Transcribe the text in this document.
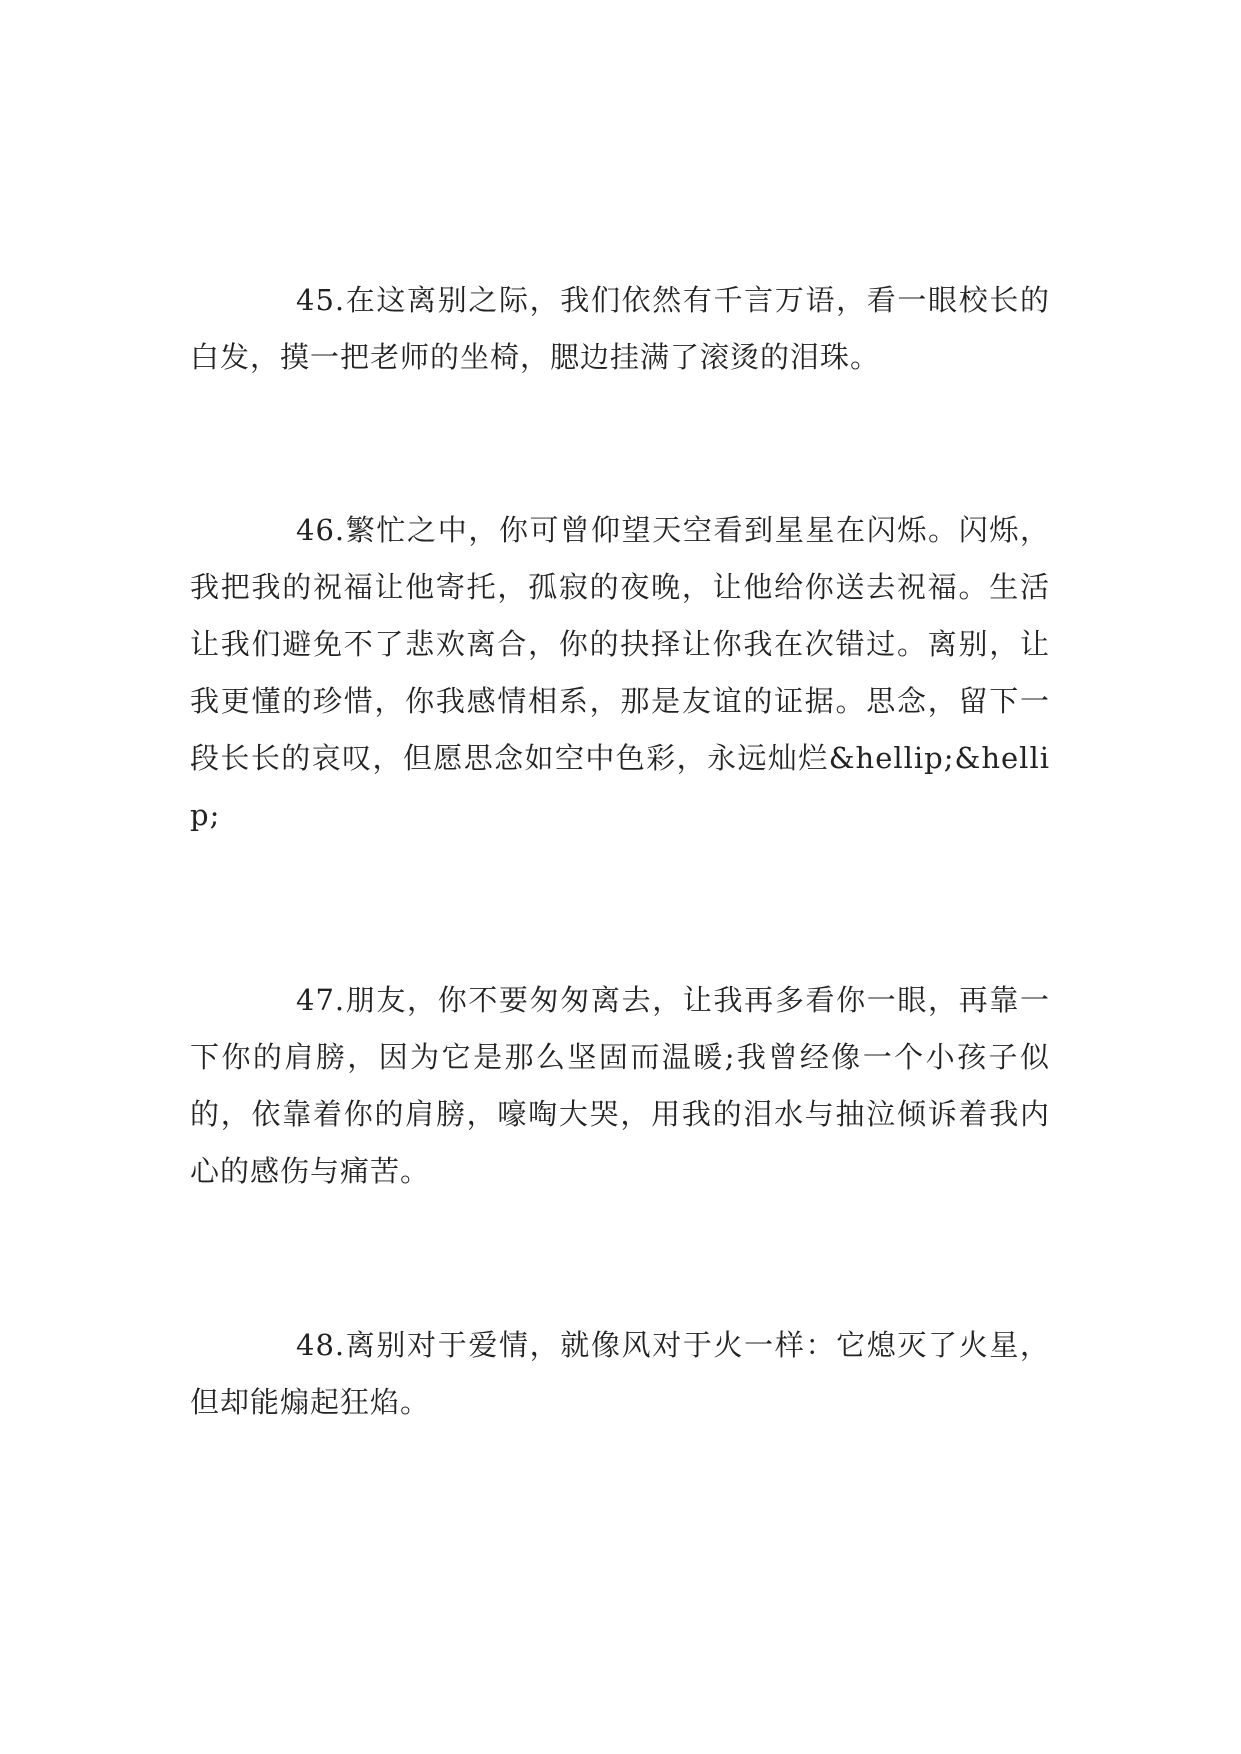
45.在这离别之际，我们依然有千言万语，看一眼校长的白发，摸一把老师的坐椅，腮边挂满了滚烫的泪珠。

46.繁忙之中，你可曾仰望天空看到星星在闪烁。闪烁，我把我的祝福让他寄托，孤寂的夜晚，让他给你送去祝福。生活让我们避免不了悲欢离合，你的抉择让你我在次错过。离别，让我更懂的珍惜，你我感情相系，那是友谊的证据。思念，留下一段长长的哀叹，但愿思念如空中色彩，永远灿烂&hellip;&hellip;

47.朋友，你不要匆匆离去，让我再多看你一眼，再靠一下你的肩膀，因为它是那么坚固而温暖;我曾经像一个小孩子似的，依靠着你的肩膀，嚎啕大哭，用我的泪水与抽泣倾诉着我内心的感伤与痛苦。

48.离别对于爱情，就像风对于火一样：它熄灭了火星，但却能煽起狂焰。
